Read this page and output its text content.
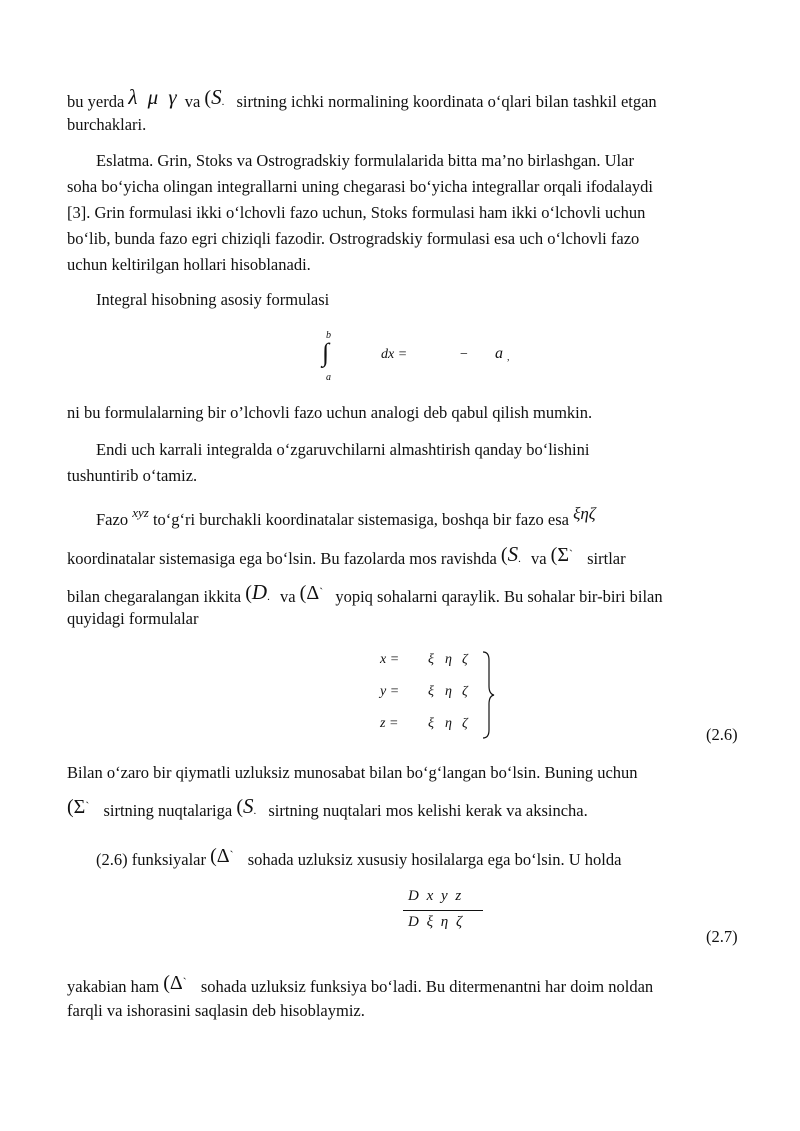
bu yerda λ μ γ va (S. sirtning ichki normalining koordinata o‘qlari bilan tashkil etgan
burchaklari.
Eslatma. Grin, Stoks va Ostrogradskiy formulalarida bitta ma’no birlashgan. Ular
soha bo‘yicha olingan integrallarni uning chegarasi bo‘yicha integrallar orqali ifodalaydi
[3]. Grin formulasi ikki o‘lchovli fazo uchun, Stoks formulasi ham ikki o‘lchovli uchun
bo‘lib, bunda fazo egri chiziqli fazodir. Ostrogradskiy formulasi esa uch o‘lchovli fazo
uchun keltirilgan hollari hisoblanadi.
Integral hisobning asosiy formulasi
b
∫
a
dx =	− a ,
ni bu formulalarning bir o’lchovli fazo uchun analogi deb qabul qilish mumkin.
Endi uch karrali integralda o‘zgaruvchilarni almashtirish qanday bo‘lishini
tushuntirib o‘tamiz.
Fazo $^{xyz}$ to‘g‘ri burchakli koordinatalar sistemasiga, boshqa bir fazo esa ξηζ
koordinatalar sistemasiga ega bo‘lsin. Bu fazolarda mos ravishda (S. va (Σ` sirtlar
bilan chegaralangan ikkita (D. va (Δ` yopiq sohalarni qaraylik. Bu sohalar bir-biri bilan
quyidagi formulalar
x = ξ η ζ
y = ξ η ζ
z = ξ η ζ
(2.6)
Bilan o‘zaro bir qiymatli uzluksiz munosabat bilan bo‘g‘langan bo‘lsin. Buning uchun
(Σ` sirtning nuqtalariga (S. sirtning nuqtalari mos kelishi kerak va aksincha.
(2.6) funksiyalar (Δ` sohada uzluksiz xususiy hosilalarga ega bo‘lsin. U holda
D x y z
D ξ η ζ
(2.7)
yakabian ham (Δ` sohada uzluksiz funksiya bo‘ladi. Bu ditermenantni har doim noldan
farqli va ishorasini saqlasin deb hisoblaymiz.
